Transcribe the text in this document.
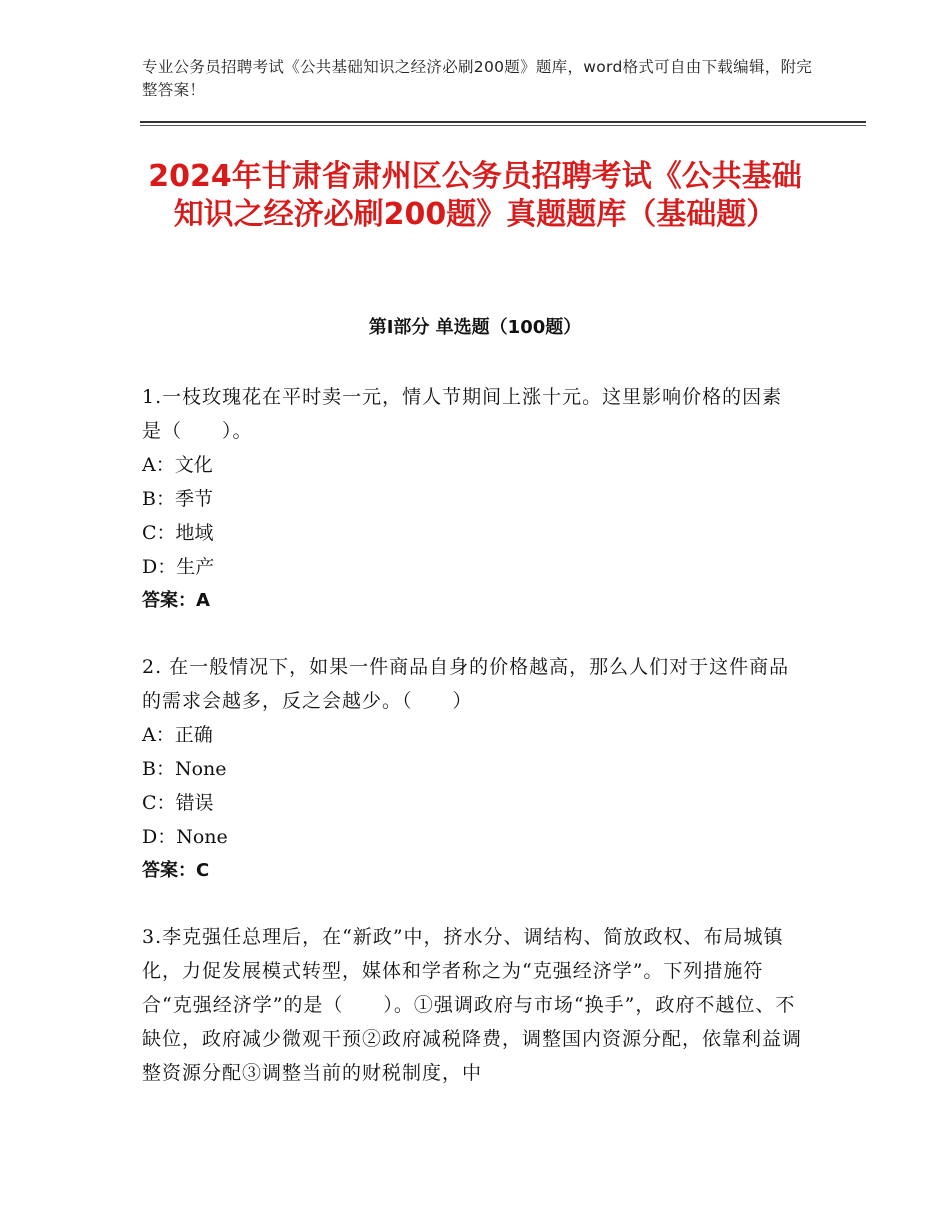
专业公务员招聘考试《公共基础知识之经济必刷200题》题库，word格式可自由下载编辑，附完整答案！
2024年甘肃省肃州区公务员招聘考试《公共基础知识之经济必刷200题》真题题库（基础题）
第Ⅰ部分 单选题（100题）

1.一枝玫瑰花在平时卖一元，情人节期间上涨十元。这里影响价格的因素是（　　）。

A：文化

B：季节

C：地域

D：生产

答案：A

2. 在一般情况下，如果一件商品自身的价格越高，那么人们对于这件商品的需求会越多，反之会越少。（　　）

A：正确

B：None

C：错误

D：None

答案：C

3.李克强任总理后，在“新政”中，挤水分、调结构、简放政权、布局城镇化，力促发展模式转型，媒体和学者称之为“克强经济学”。下列措施符合“克强经济学”的是（　　）。①强调政府与市场“换手”，政府不越位、不缺位，政府减少微观干预②政府减税降费，调整国内资源分配，依靠利益调整资源分配③调整当前的财税制度，中
